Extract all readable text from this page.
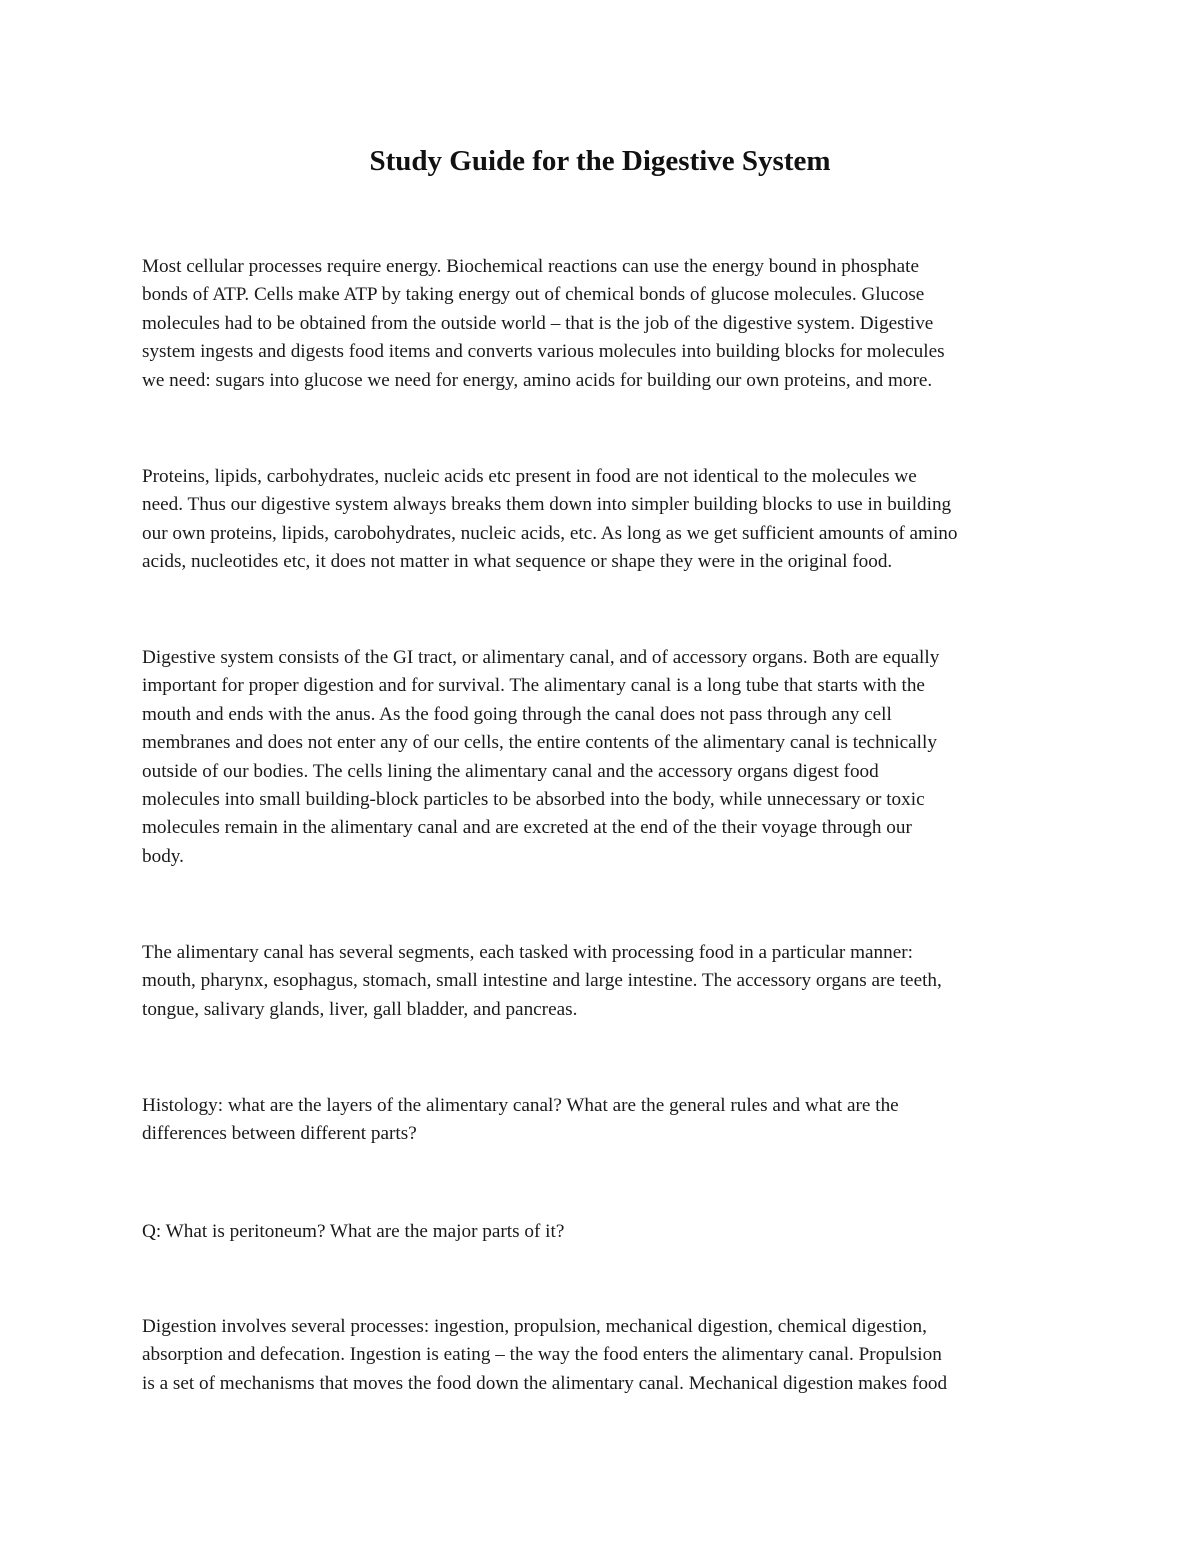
Study Guide for the Digestive System

Most cellular processes require energy. Biochemical reactions can use the energy bound in phosphate
bonds of ATP. Cells make ATP by taking energy out of chemical bonds of glucose molecules. Glucose
molecules had to be obtained from the outside world – that is the job of the digestive system. Digestive
system ingests and digests food items and converts various molecules into building blocks for molecules
we need: sugars into glucose we need for energy, amino acids for building our own proteins, and more.

Proteins, lipids, carbohydrates, nucleic acids etc present in food are not identical to the molecules we
need. Thus our digestive system always breaks them down into simpler building blocks to use in building
our own proteins, lipids, carobohydrates, nucleic acids, etc. As long as we get sufficient amounts of amino
acids, nucleotides etc, it does not matter in what sequence or shape they were in the original food.

Digestive system consists of the GI tract, or alimentary canal, and of accessory organs. Both are equally
important for proper digestion and for survival. The alimentary canal is a long tube that starts with the
mouth and ends with the anus. As the food going through the canal does not pass through any cell
membranes and does not enter any of our cells, the entire contents of the alimentary canal is technically
outside of our bodies. The cells lining the alimentary canal and the accessory organs digest food
molecules into small building-block particles to be absorbed into the body, while unnecessary or toxic
molecules remain in the alimentary canal and are excreted at the end of the their voyage through our
body.

The alimentary canal has several segments, each tasked with processing food in a particular manner:
mouth, pharynx, esophagus, stomach, small intestine and large intestine. The accessory organs are teeth,
tongue, salivary glands, liver, gall bladder, and pancreas.

Histology: what are the layers of the alimentary canal? What are the general rules and what are the
differences between different parts?

Q: What is peritoneum? What are the major parts of it?

Digestion involves several processes: ingestion, propulsion, mechanical digestion, chemical digestion,
absorption and defecation. Ingestion is eating – the way the food enters the alimentary canal. Propulsion
is a set of mechanisms that moves the food down the alimentary canal. Mechanical digestion makes food
